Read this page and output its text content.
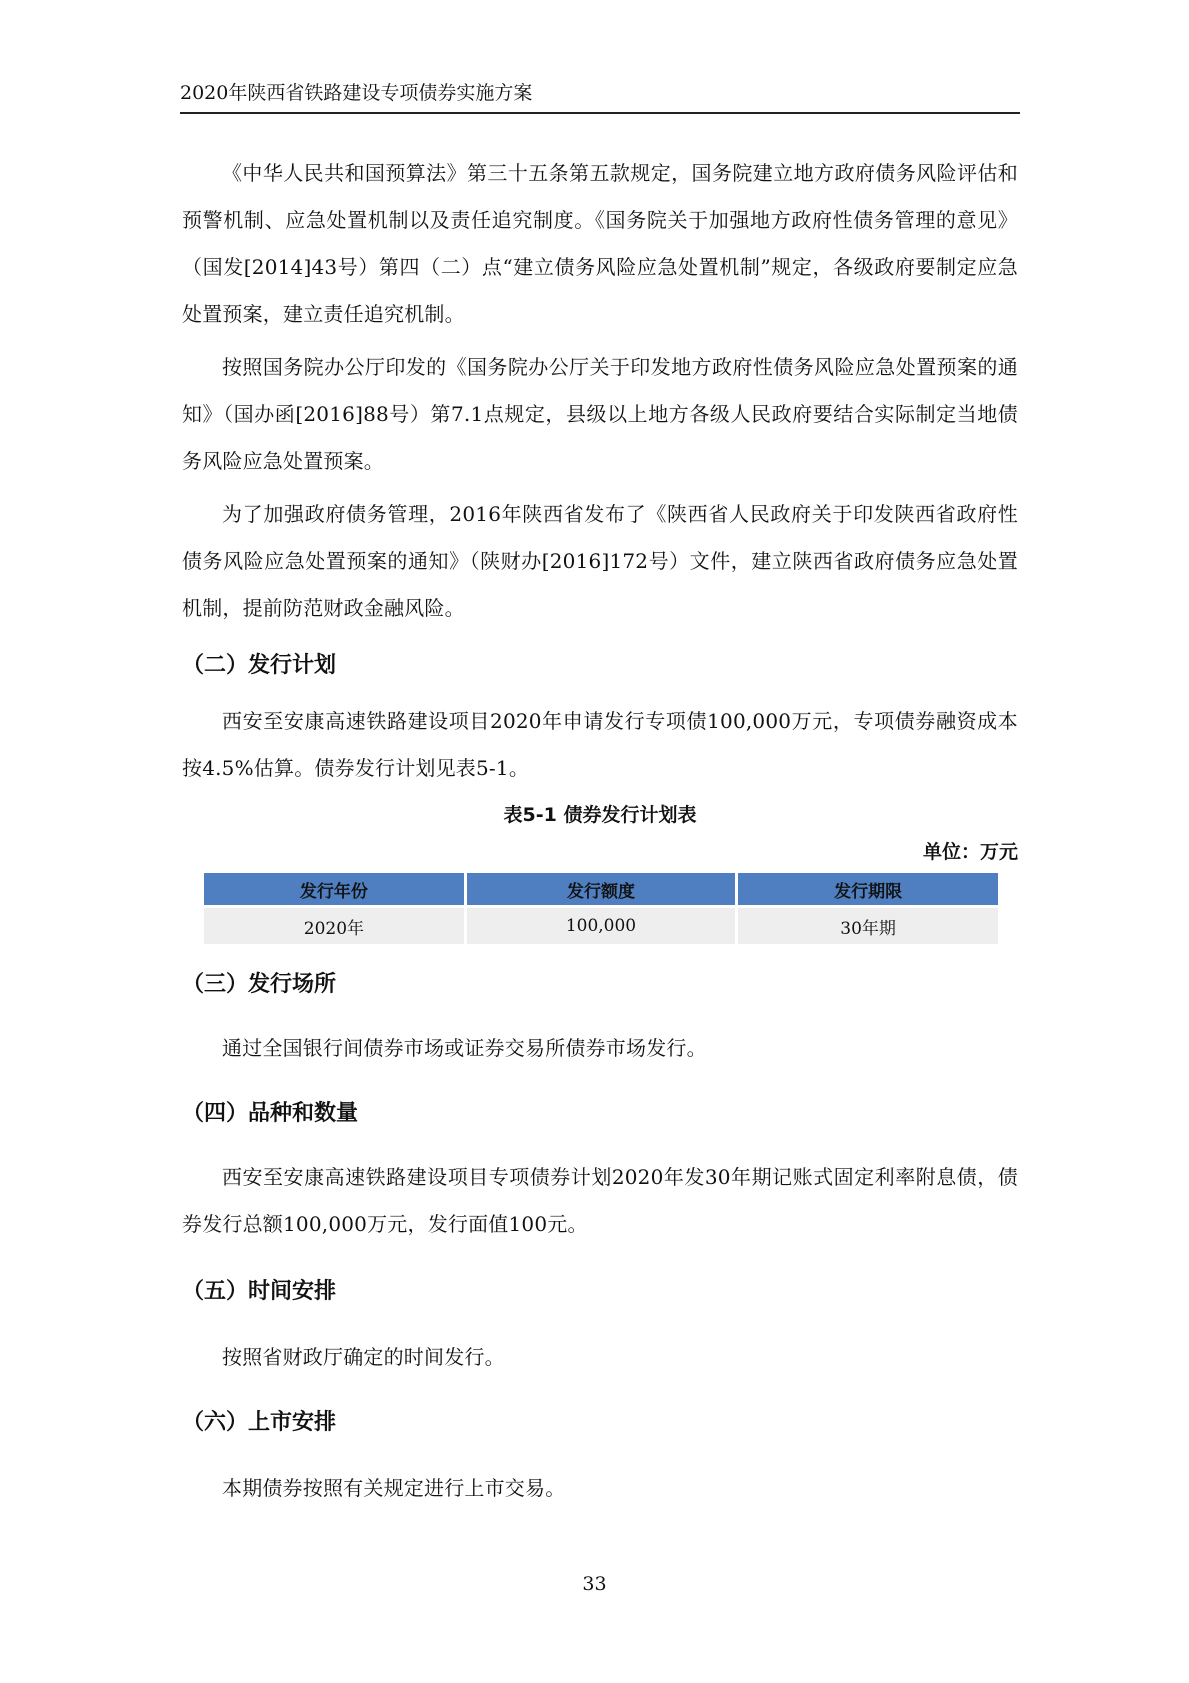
2020年陕西省铁路建设专项债券实施方案

《中华人民共和国预算法》第三十五条第五款规定，国务院建立地方政府债务风险评估和预警机制、应急处置机制以及责任追究制度。《国务院关于加强地方政府性债务管理的意见》（国发[2014]43号）第四（二）点“建立债务风险应急处置机制”规定，各级政府要制定应急处置预案，建立责任追究机制。

按照国务院办公厅印发的《国务院办公厅关于印发地方政府性债务风险应急处置预案的通知》（国办函[2016]88号）第7.1点规定，县级以上地方各级人民政府要结合实际制定当地债务风险应急处置预案。

为了加强政府债务管理，2016年陕西省发布了《陕西省人民政府关于印发陕西省政府性债务风险应急处置预案的通知》（陕财办[2016]172号）文件，建立陕西省政府债务应急处置机制，提前防范财政金融风险。

（二）发行计划

西安至安康高速铁路建设项目2020年申请发行专项债100,000万元，专项债券融资成本按4.5%估算。债券发行计划见表5-1。

表5-1 债券发行计划表
单位：万元
发行年份	发行额度	发行期限
2020年	100,000	30年期
（三）发行场所

通过全国银行间债券市场或证券交易所债券市场发行。

（四）品种和数量

西安至安康高速铁路建设项目专项债券计划2020年发30年期记账式固定利率附息债，债券发行总额100,000万元，发行面值100元。

（五）时间安排

按照省财政厅确定的时间发行。

（六）上市安排

本期债券按照有关规定进行上市交易。

33
